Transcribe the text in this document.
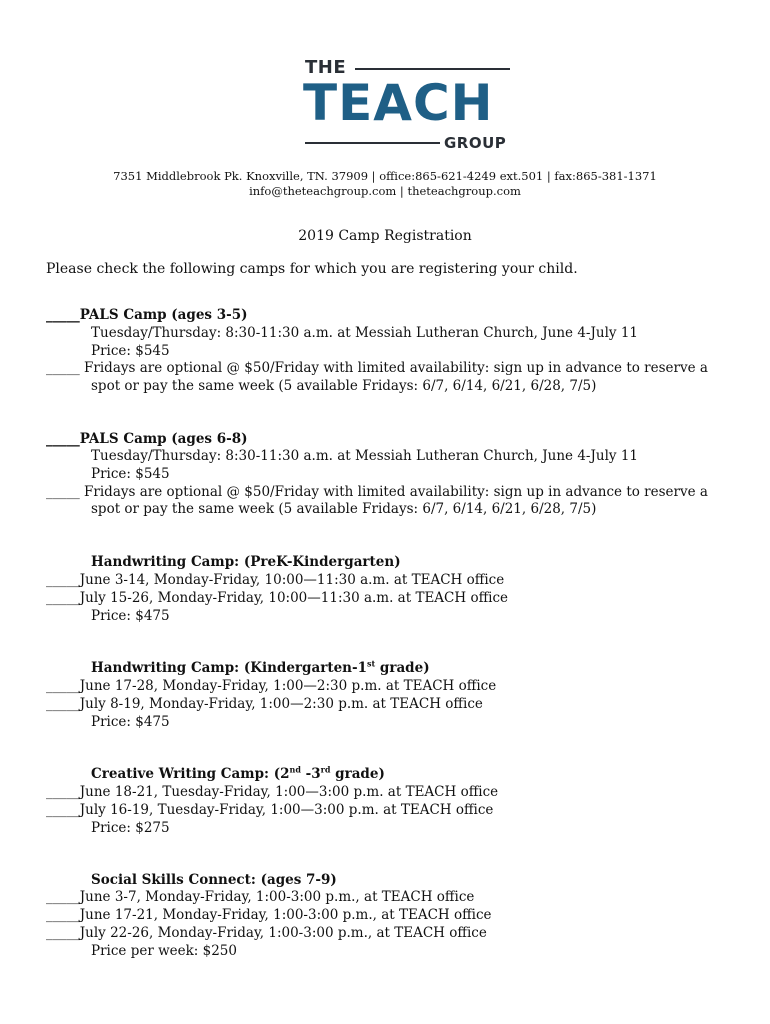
THE
TEACH
GROUP
7351 Middlebrook Pk. Knoxville, TN. 37909 | office:865-621-4249 ext.501 | fax:865-381-1371
info@theteachgroup.com | theteachgroup.com
2019 Camp Registration
Please check the following camps for which you are registering your child.
_____PALS Camp (ages 3-5)
Tuesday/Thursday: 8:30-11:30 a.m. at Messiah Lutheran Church, June 4-July 11
Price: $545
_____ Fridays are optional @ $50/Friday with limited availability: sign up in advance to reserve a
spot or pay the same week (5 available Fridays: 6/7, 6/14, 6/21, 6/28, 7/5)
_____PALS Camp (ages 6-8)
Tuesday/Thursday: 8:30-11:30 a.m. at Messiah Lutheran Church, June 4-July 11
Price: $545
_____ Fridays are optional @ $50/Friday with limited availability: sign up in advance to reserve a
spot or pay the same week (5 available Fridays: 6/7, 6/14, 6/21, 6/28, 7/5)
Handwriting Camp: (PreK-Kindergarten)
_____June 3-14, Monday-Friday, 10:00—11:30 a.m. at TEACH office
_____July 15-26, Monday-Friday, 10:00—11:30 a.m. at TEACH office
Price: $475
Handwriting Camp: (Kindergarten-1st grade)
_____June 17-28, Monday-Friday, 1:00—2:30 p.m. at TEACH office
_____July 8-19, Monday-Friday, 1:00—2:30 p.m. at TEACH office
Price: $475
Creative Writing Camp: (2nd -3rd grade)
_____June 18-21, Tuesday-Friday, 1:00—3:00 p.m. at TEACH office
_____July 16-19, Tuesday-Friday, 1:00—3:00 p.m. at TEACH office
Price: $275
Social Skills Connect: (ages 7-9)
_____June 3-7, Monday-Friday, 1:00-3:00 p.m., at TEACH office
_____June 17-21, Monday-Friday, 1:00-3:00 p.m., at TEACH office
_____July 22-26, Monday-Friday, 1:00-3:00 p.m., at TEACH office
Price per week: $250
